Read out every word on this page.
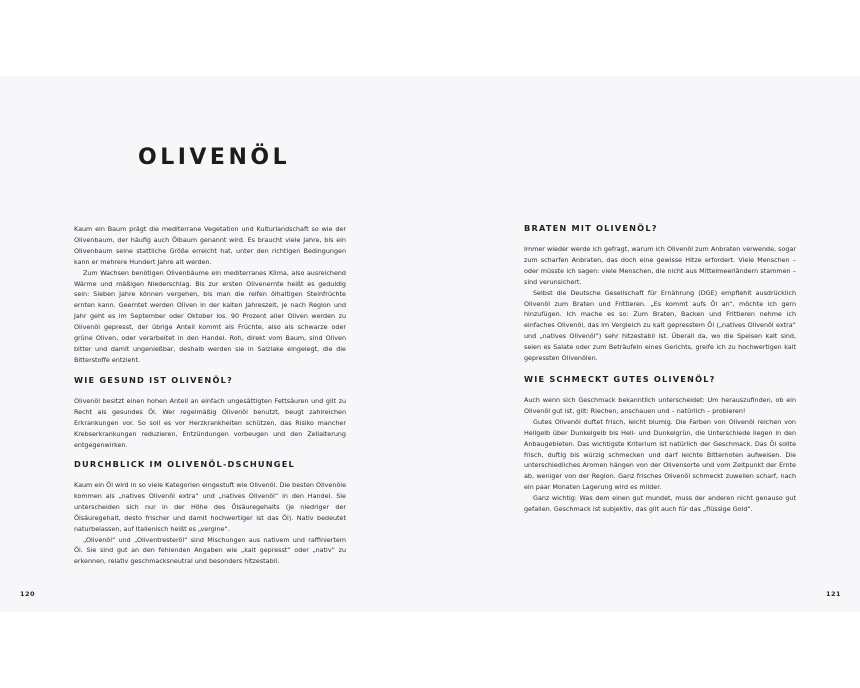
OLIVENÖL

Kaum ein Baum prägt die mediterrane Vegetation und Kulturlandschaft so wie der Olivenbaum, der häufig auch Ölbaum genannt wird. Es braucht viele Jahre, bis ein Olivenbaum seine stattliche Größe erreicht hat, unter den richtigen Bedingungen kann er mehrere Hundert Jahre alt werden.

Zum Wachsen benötigen Olivenbäume ein mediterranes Klima, also ausreichend Wärme und mäßigen Niederschlag. Bis zur ersten Olivenernte heißt es geduldig sein: Sieben Jahre können vergehen, bis man die reifen ölhaltigen Steinfrüchte ernten kann. Geerntet werden Oliven in der kalten Jahreszeit, je nach Region und Jahr geht es im September oder Oktober los. 90 Prozent aller Oliven werden zu Olivenöl gepresst, der übrige Anteil kommt als Früchte, also als schwarze oder grüne Oliven, oder verarbeitet in den Handel. Roh, direkt vom Baum, sind Oliven bitter und damit ungenießbar, deshalb werden sie in Salzlake eingelegt, die die Bitterstoffe entzieht.

WIE GESUND IST OLIVENÖL?

Olivenöl besitzt einen hohen Anteil an einfach ungesättigten Fettsäuren und gilt zu Recht als gesundes Öl. Wer regelmäßig Olivenöl benutzt, beugt zahlreichen Erkrankungen vor. So soll es vor Herzkrankheiten schützen, das Risiko mancher Krebserkrankungen reduzieren, Entzündungen vorbeugen und den Zellalterung entgegenwirken.

DURCHBLICK IM OLIVENÖL-DSCHUNGEL

Kaum ein Öl wird in so viele Kategorien eingestuft wie Olivenöl. Die besten Olivenöle kommen als „natives Olivenöl extra“ und „natives Olivenöl“ in den Handel. Sie unterscheiden sich nur in der Höhe des Ölsäuregehalts (je niedriger der Ölsäuregehalt, desto frischer und damit hochwertiger ist das Öl). Nativ bedeutet naturbelassen, auf Italienisch heißt es „vergine“.

„Olivenöl“ und „Oliventresteröl“ sind Mischungen aus nativem und raffiniertem Öl. Sie sind gut an den fehlenden Angaben wie „kalt gepresst“ oder „nativ“ zu erkennen, relativ geschmacksneutral und besonders hitzestabil.

BRATEN MIT OLIVENÖL?

Immer wieder werde ich gefragt, warum ich Olivenöl zum Anbraten verwende, sogar zum scharfen Anbraten, das doch eine gewisse Hitze erfordert. Viele Menschen – oder müsste ich sagen: viele Menschen, die nicht aus Mittelmeerländern stammen – sind verunsichert.

Selbst die Deutsche Gesellschaft für Ernährung (DGE) empfiehlt ausdrücklich Olivenöl zum Braten und Frittieren. „Es kommt aufs Öl an“, möchte ich gern hinzufügen. Ich mache es so: Zum Braten, Backen und Frittieren nehme ich einfaches Olivenöl, das im Vergleich zu kalt gepresstem Öl („natives Olivenöl extra“ und „natives Olivenöl“) sehr hitzestabil ist. Überall da, wo die Speisen kalt sind, seien es Salate oder zum Beträufeln eines Gerichts, greife ich zu hochwertigen kalt gepressten Olivenölen.

WIE SCHMECKT GUTES OLIVENÖL?

Auch wenn sich Geschmack bekanntlich unterscheidet: Um herauszufinden, ob ein Olivenöl gut ist, gilt: Riechen, anschauen und – natürlich – probieren!

Gutes Olivenöl duftet frisch, leicht blumig. Die Farben von Olivenöl reichen von Hellgelb über Dunkelgelb bis Hell- und Dunkelgrün, die Unterschiede liegen in den Anbaugebieten. Das wichtigste Kriterium ist natürlich der Geschmack. Das Öl sollte frisch, duftig bis würzig schmecken und darf leichte Bitternoten aufweisen. Die unterschiedliches Aromen hängen von der Olivensorte und vom Zeitpunkt der Ernte ab, weniger von der Region. Ganz frisches Olivenöl schmeckt zuweilen scharf, nach ein paar Monaten Lagerung wird es milder.

Ganz wichtig: Was dem einen gut mundet, muss der anderen nicht genauso gut gefallen. Geschmack ist subjektiv, das gilt auch für das „flüssige Gold“.

120	121
